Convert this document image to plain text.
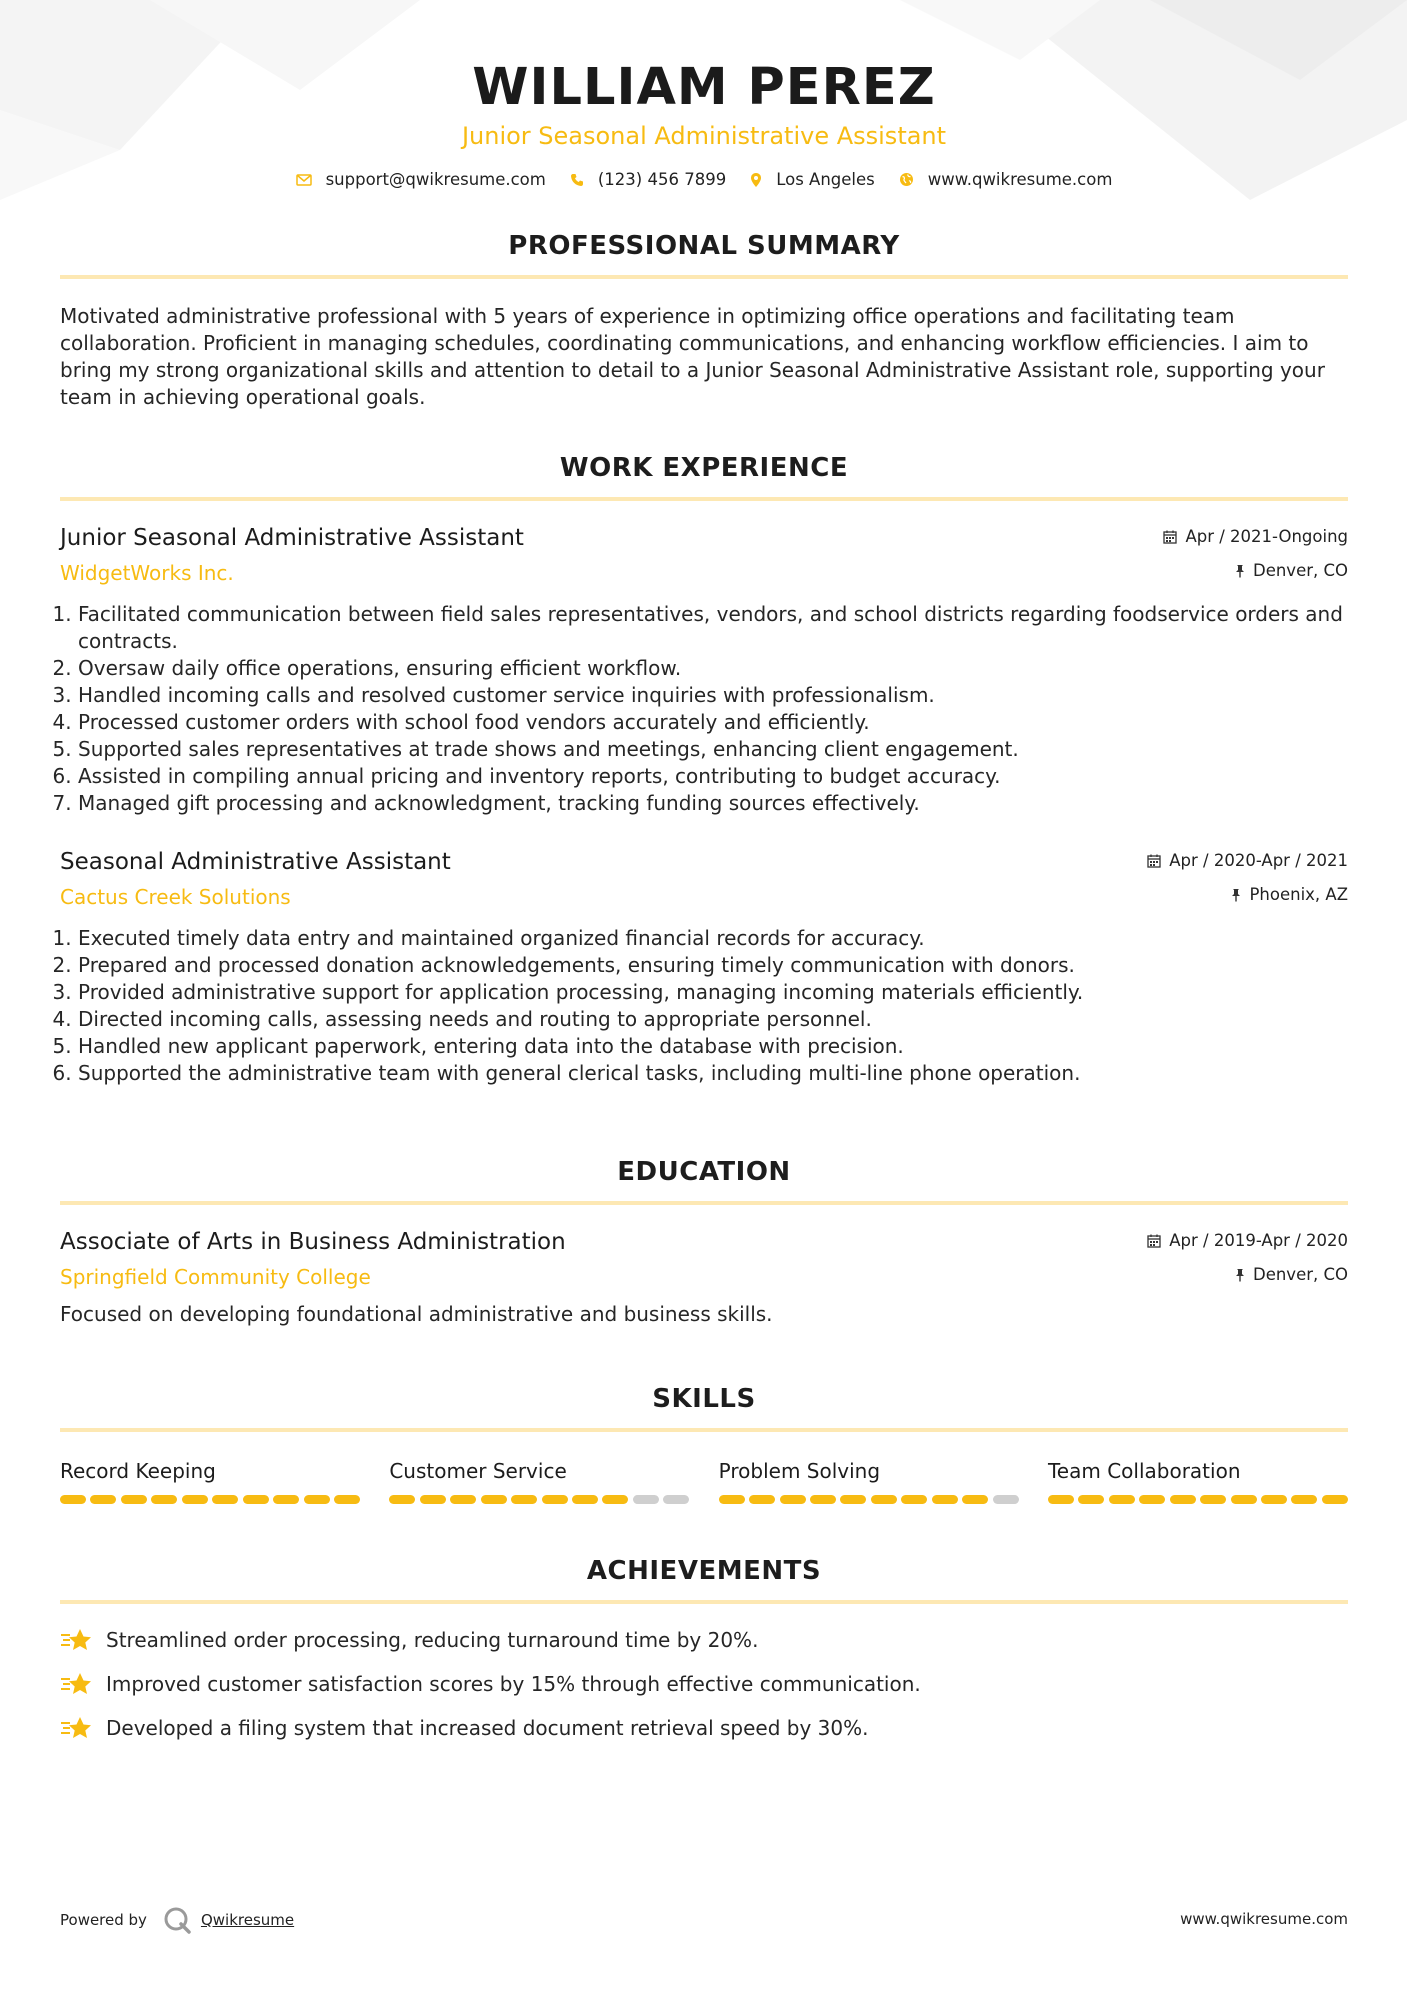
WILLIAM PEREZ
Junior Seasonal Administrative Assistant
support@qwikresume.com	(123) 456 7899	Los Angeles	www.qwikresume.com
PROFESSIONAL SUMMARY
Motivated administrative professional with 5 years of experience in optimizing office operations and facilitating team collaboration. Proficient in managing schedules, coordinating communications, and enhancing workflow efficiencies. I aim to bring my strong organizational skills and attention to detail to a Junior Seasonal Administrative Assistant role, supporting your team in achieving operational goals.
WORK EXPERIENCE
Junior Seasonal Administrative Assistant	Apr / 2021-Ongoing
WidgetWorks Inc.	Denver, CO
1. Facilitated communication between field sales representatives, vendors, and school districts regarding foodservice orders and contracts.
2. Oversaw daily office operations, ensuring efficient workflow.
3. Handled incoming calls and resolved customer service inquiries with professionalism.
4. Processed customer orders with school food vendors accurately and efficiently.
5. Supported sales representatives at trade shows and meetings, enhancing client engagement.
6. Assisted in compiling annual pricing and inventory reports, contributing to budget accuracy.
7. Managed gift processing and acknowledgment, tracking funding sources effectively.
Seasonal Administrative Assistant	Apr / 2020-Apr / 2021
Cactus Creek Solutions	Phoenix, AZ
1. Executed timely data entry and maintained organized financial records for accuracy.
2. Prepared and processed donation acknowledgements, ensuring timely communication with donors.
3. Provided administrative support for application processing, managing incoming materials efficiently.
4. Directed incoming calls, assessing needs and routing to appropriate personnel.
5. Handled new applicant paperwork, entering data into the database with precision.
6. Supported the administrative team with general clerical tasks, including multi-line phone operation.
EDUCATION
Associate of Arts in Business Administration	Apr / 2019-Apr / 2020
Springfield Community College	Denver, CO
Focused on developing foundational administrative and business skills.
SKILLS
Record Keeping	Customer Service	Problem Solving	Team Collaboration
ACHIEVEMENTS
Streamlined order processing, reducing turnaround time by 20%.
Improved customer satisfaction scores by 15% through effective communication.
Developed a filing system that increased document retrieval speed by 30%.
Powered by	Qwikresume	www.qwikresume.com
